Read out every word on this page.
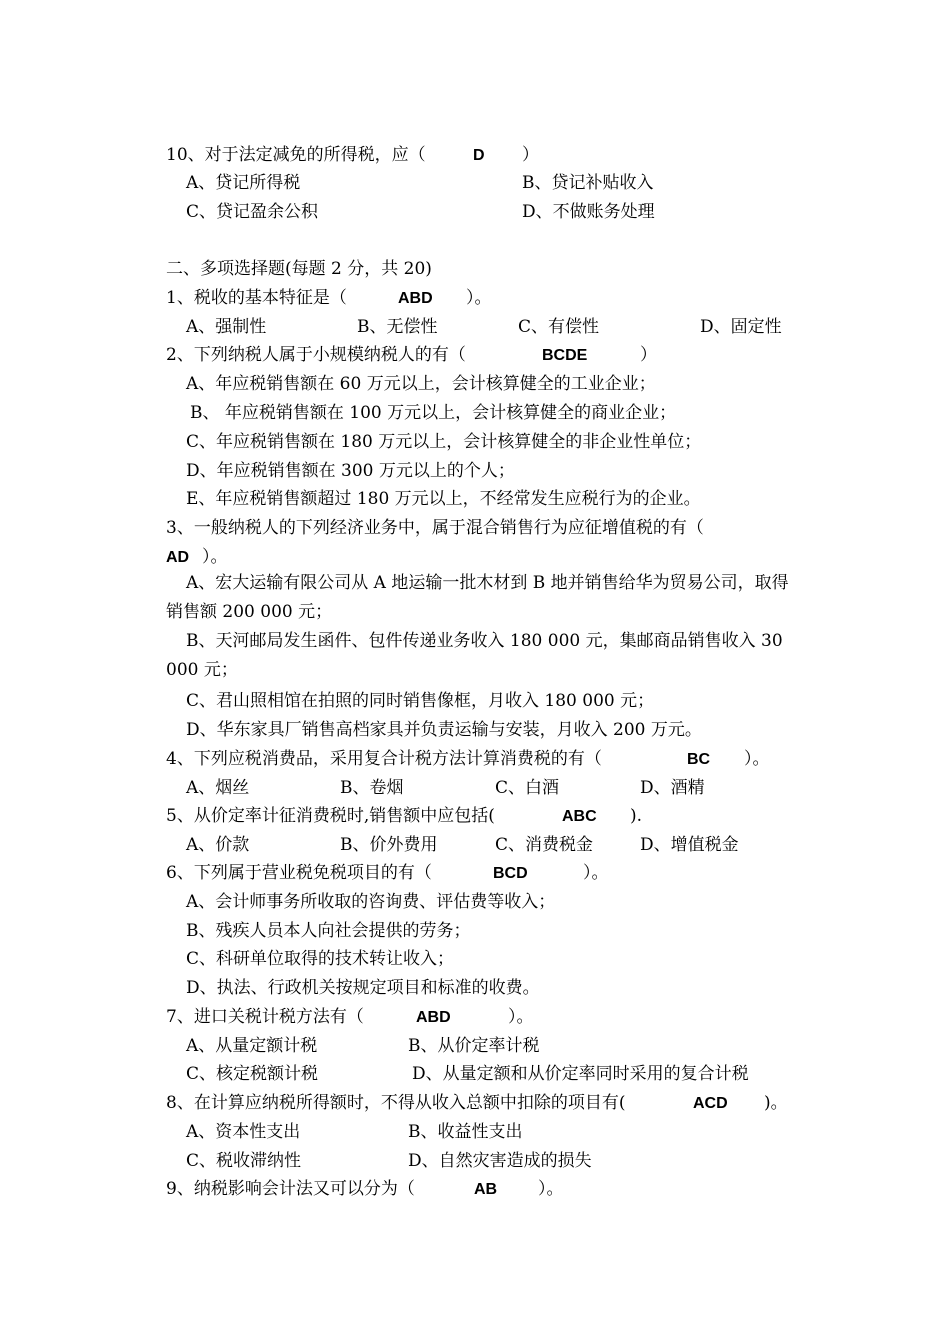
10、对于法定减免的所得税，应（	D ）
A、贷记所得税	B、贷记补贴收入
C、贷记盈余公积	D、不做账务处理
二、多项选择题(每题 2 分，共 20)
1、税收的基本特征是（	ABD ）。
A、强制性	B、无偿性	C、有偿性	D、固定性
2、下列纳税人属于小规模纳税人的有（	BCDE	）
A、年应税销售额在 60 万元以上，会计核算健全的工业企业；
B、 年应税销售额在 100 万元以上，会计核算健全的商业企业；
C、年应税销售额在 180 万元以上，会计核算健全的非企业性单位；
D、年应税销售额在 300 万元以上的个人；
E、年应税销售额超过 180 万元以上，不经常发生应税行为的企业。
3、一般纳税人的下列经济业务中，属于混合销售行为应征增值税的有（
AD ）。
A、宏大运输有限公司从 A 地运输一批木材到 B 地并销售给华为贸易公司，取得销售额 200 000 元；
B、天河邮局发生函件、包件传递业务收入 180 000 元，集邮商品销售收入 30 000 元；
C、君山照相馆在拍照的同时销售像框，月收入 180 000 元；
D、华东家具厂销售高档家具并负责运输与安装，月收入 200 万元。
4、下列应税消费品，采用复合计税方法计算消费税的有（	BC ）。
A、烟丝	B、卷烟	C、白酒	D、酒精
5、从价定率计征消费税时,销售额中应包括(	ABC ).
A、价款	B、价外费用	C、消费税金	D、增值税金
6、下列属于营业税免税项目的有（	BCD	）。
A、会计师事务所收取的咨询费、评估费等收入；
B、残疾人员本人向社会提供的劳务；
C、科研单位取得的技术转让收入；
D、执法、行政机关按规定项目和标准的收费。
7、进口关税计税方法有（	ABD	）。
A、从量定额计税	B、从价定率计税
C、核定税额计税	D、从量定额和从价定率同时采用的复合计税
8、在计算应纳税所得额时，不得从收入总额中扣除的项目有(	ACD )。
A、资本性支出	B、收益性支出
C、税收滞纳性	D、自然灾害造成的损失
9、纳税影响会计法又可以分为（	AB ）。
